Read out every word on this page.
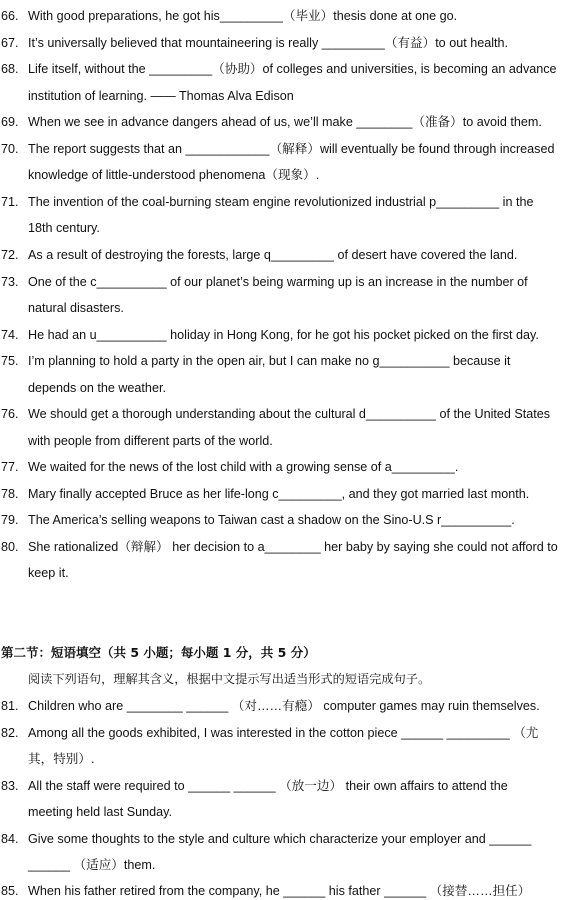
66. With good preparations, he got his_________（毕业）thesis done at one go.
67. It’s universally believed that mountaineering is really _________（有益）to out health.
68. Life itself, without the _________（协助）of colleges and universities, is becoming an advance
institution of learning. —— Thomas Alva Edison
69. When we see in advance dangers ahead of us, we’ll make ________（准备）to avoid them.
70. The report suggests that an ____________（解释）will eventually be found through increased
knowledge of little-understood phenomena（现象）.
71. The invention of the coal-burning steam engine revolutionized industrial p_________ in the
18th century.
72. As a result of destroying the forests, large q_________ of desert have covered the land.
73. One of the c__________ of our planet’s being warming up is an increase in the number of
natural disasters.
74. He had an u__________ holiday in Hong Kong, for he got his pocket picked on the first day.
75. I’m planning to hold a party in the open air, but I can make no g__________ because it
depends on the weather.
76. We should get a thorough understanding about the cultural d__________ of the United States
with people from different parts of the world.
77. We waited for the news of the lost child with a growing sense of a_________.
78. Mary finally accepted Bruce as her life-long c_________, and they got married last month.
79. The America’s selling weapons to Taiwan cast a shadow on the Sino-U.S r__________.
80. She rationalized（辩解） her decision to a________ her baby by saying she could not afford to
keep it.
第二节：短语填空（共 5 小题；每小题 1 分，共 5 分）
阅读下列语句，理解其含义，根据中文提示写出适当形式的短语完成句子。
81. Children who are ________ ______ （对……有瘾） computer games may ruin themselves.
82. Among all the goods exhibited, I was interested in the cotton piece ______ _________ （尤
其，特别）.
83. All the staff were required to ______ ______ （放一边） their own affairs to attend the
meeting held last Sunday.
84. Give some thoughts to the style and culture which characterize your employer and ______
______ （适应）them.
85. When his father retired from the company, he ______ his father ______ （接替……担任）
